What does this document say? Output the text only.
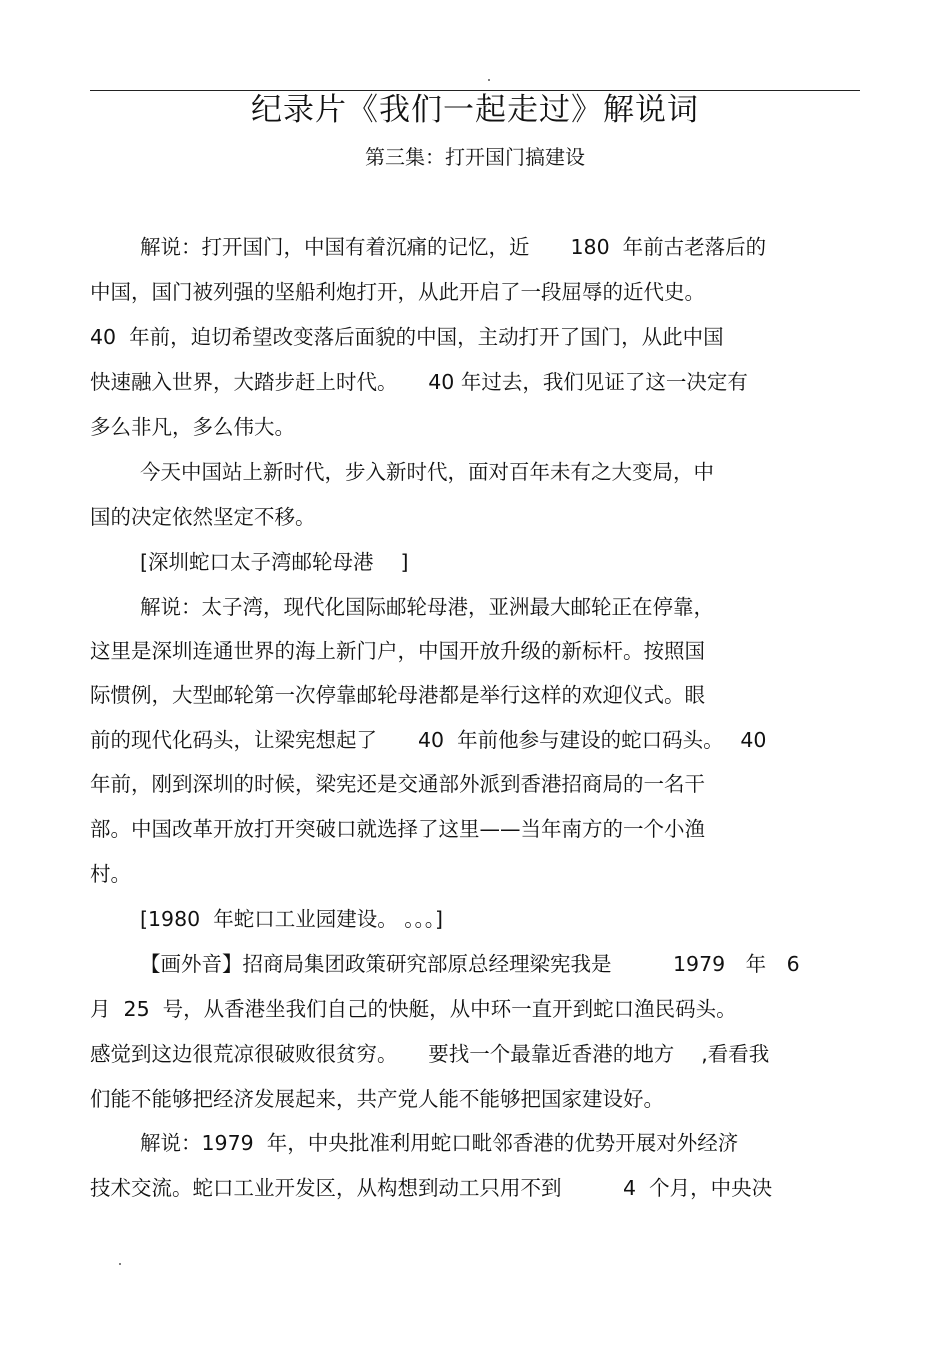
纪录片《我们一起走过》解说词
第三集：打开国门搞建设
解说：打开国门，中国有着沉痛的记忆，近　　180  年前古老落后的
中国，国门被列强的坚船利炮打开，从此开启了一段屈辱的近代史。
40  年前，迫切希望改变落后面貌的中国，主动打开了国门，从此中国
快速融入世界，大踏步赶上时代。　　40 年过去，我们见证了这一决定有
多么非凡，多么伟大。
今天中国站上新时代，步入新时代，面对百年未有之大变局，中
国的决定依然坚定不移。
[深圳蛇口太子湾邮轮母港　 ]
解说：太子湾，现代化国际邮轮母港，亚洲最大邮轮正在停靠，
这里是深圳连通世界的海上新门户，中国开放升级的新标杆。按照国
际惯例，大型邮轮第一次停靠邮轮母港都是举行这样的欢迎仪式。眼
前的现代化码头，让梁宪想起了　　40  年前他参与建设的蛇口码头。　 40
年前，刚到深圳的时候，梁宪还是交通部外派到香港招商局的一名干
部。中国改革开放打开突破口就选择了这里——当年南方的一个小渔
村。
[1980  年蛇口工业园建设。 。。。]
【画外音】招商局集团政策研究部原总经理梁宪我是　　　1979　年　6
月  25  号，从香港坐我们自己的快艇，从中环一直开到蛇口渔民码头。
感觉到这边很荒凉很破败很贫穷。　　要找一个最靠近香港的地方　 ,看看我
们能不能够把经济发展起来，共产党人能不能够把国家建设好。
解说：1979  年，中央批准利用蛇口毗邻香港的优势开展对外经济
技术交流。蛇口工业开发区，从构想到动工只用不到　　　4  个月，中央决
